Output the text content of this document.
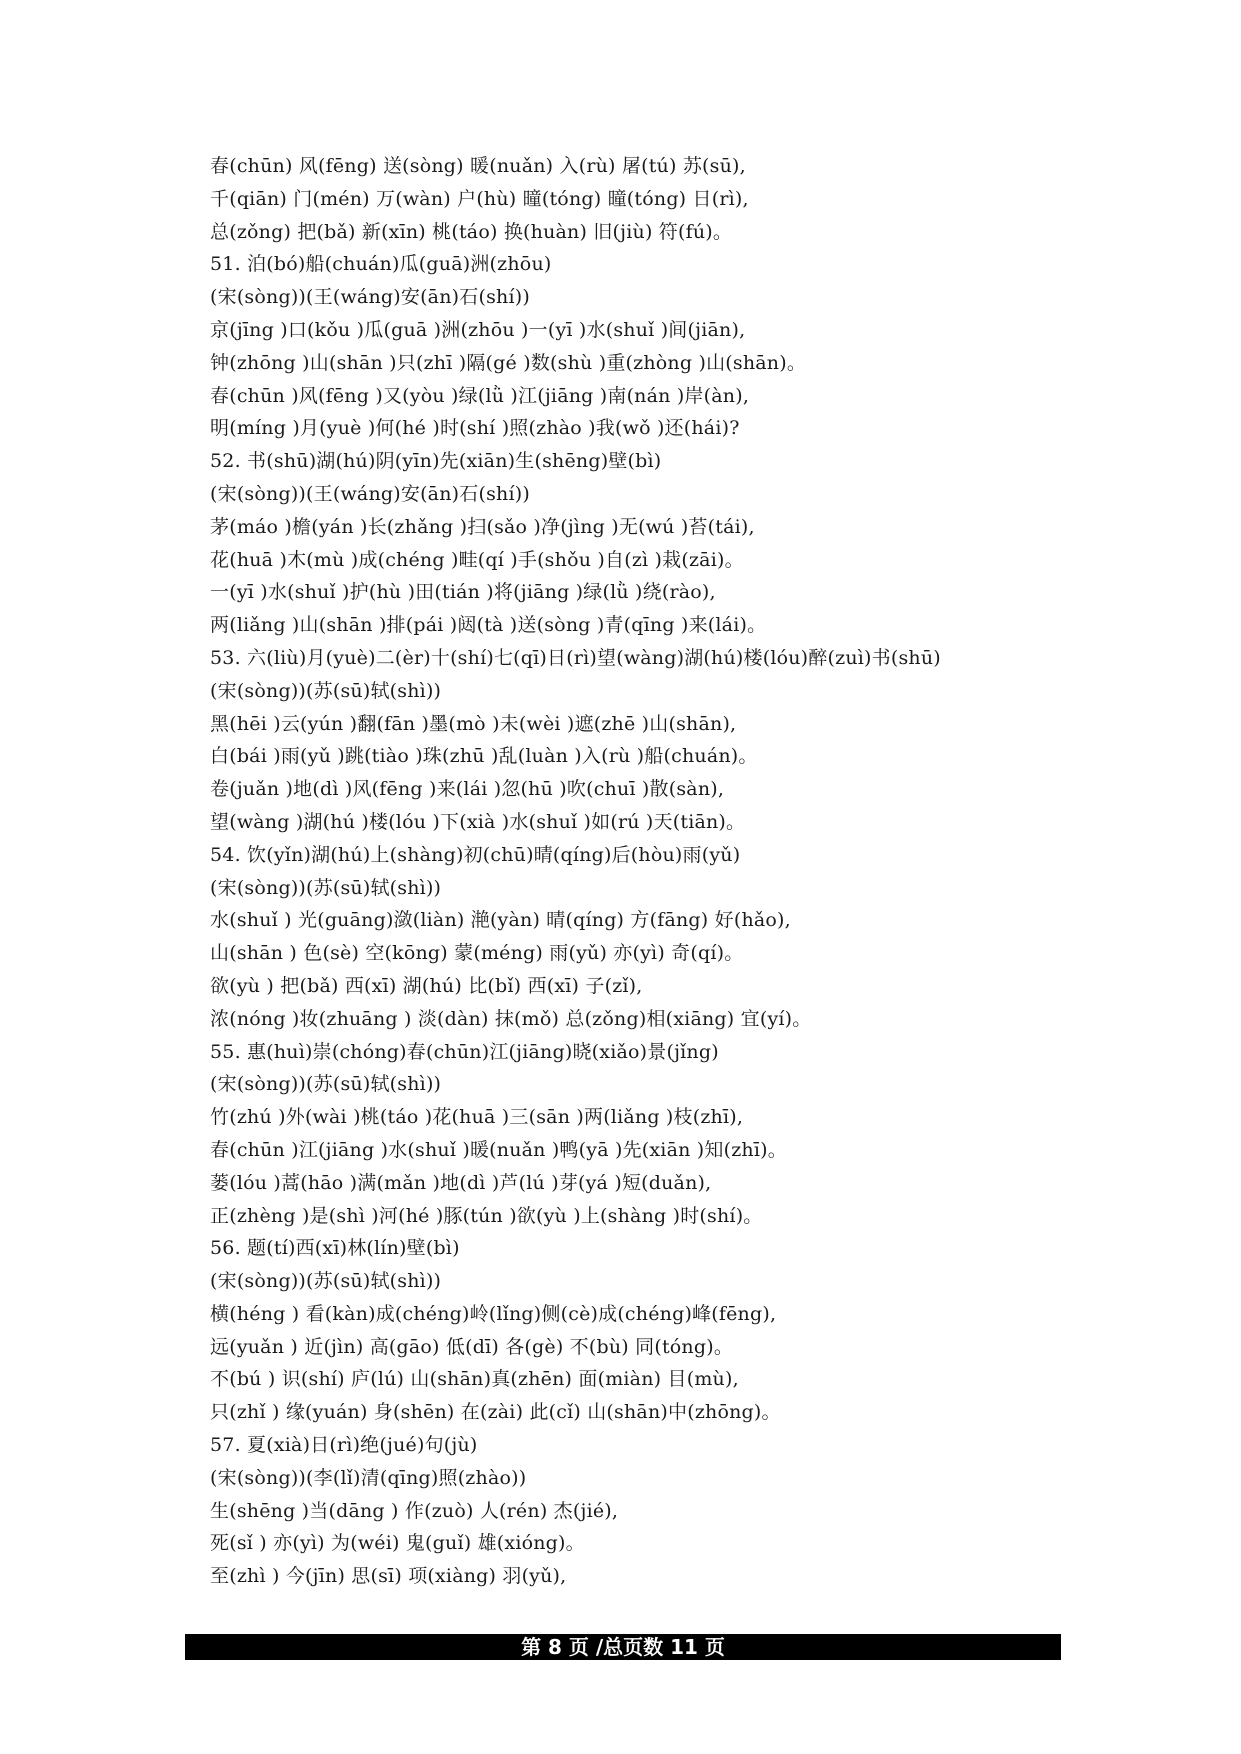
春(chūn) 风(fēng) 送(sòng) 暖(nuǎn) 入(rù) 屠(tú) 苏(sū),
千(qiān) 门(mén) 万(wàn) 户(hù) 曈(tóng) 曈(tóng) 日(rì),
总(zǒng) 把(bǎ) 新(xīn) 桃(táo) 换(huàn) 旧(jiù) 符(fú)。
51. 泊(bó)船(chuán)瓜(guā)洲(zhōu)
(宋(sòng))(王(wáng)安(ān)石(shí))
京(jīng )口(kǒu )瓜(guā )洲(zhōu )一(yī )水(shuǐ )间(jiān),
钟(zhōng )山(shān )只(zhī )隔(gé )数(shù )重(zhòng )山(shān)。
春(chūn )风(fēng )又(yòu )绿(lǜ )江(jiāng )南(nán )岸(àn),
明(míng )月(yuè )何(hé )时(shí )照(zhào )我(wǒ )还(hái)?
52. 书(shū)湖(hú)阴(yīn)先(xiān)生(shēng)壁(bì)
(宋(sòng))(王(wáng)安(ān)石(shí))
茅(máo )檐(yán )长(zhǎng )扫(sǎo )净(jìng )无(wú )苔(tái),
花(huā )木(mù )成(chéng )畦(qí )手(shǒu )自(zì )栽(zāi)。
一(yī )水(shuǐ )护(hù )田(tián )将(jiāng )绿(lǜ )绕(rào),
两(liǎng )山(shān )排(pái )闼(tà )送(sòng )青(qīng )来(lái)。
53. 六(liù)月(yuè)二(èr)十(shí)七(qī)日(rì)望(wàng)湖(hú)楼(lóu)醉(zuì)书(shū)
(宋(sòng))(苏(sū)轼(shì))
黑(hēi )云(yún )翻(fān )墨(mò )未(wèi )遮(zhē )山(shān),
白(bái )雨(yǔ )跳(tiào )珠(zhū )乱(luàn )入(rù )船(chuán)。
卷(juǎn )地(dì )风(fēng )来(lái )忽(hū )吹(chuī )散(sàn),
望(wàng )湖(hú )楼(lóu )下(xià )水(shuǐ )如(rú )天(tiān)。
54. 饮(yǐn)湖(hú)上(shàng)初(chū)晴(qíng)后(hòu)雨(yǔ)
(宋(sòng))(苏(sū)轼(shì))
水(shuǐ ) 光(guāng)潋(liàn) 滟(yàn) 晴(qíng) 方(fāng) 好(hǎo),
山(shān ) 色(sè) 空(kōng) 蒙(méng) 雨(yǔ) 亦(yì) 奇(qí)。
欲(yù ) 把(bǎ) 西(xī) 湖(hú) 比(bǐ) 西(xī) 子(zǐ),
浓(nóng )妆(zhuāng ) 淡(dàn) 抹(mǒ) 总(zǒng)相(xiāng) 宜(yí)。
55. 惠(huì)崇(chóng)春(chūn)江(jiāng)晓(xiǎo)景(jǐng)
(宋(sòng))(苏(sū)轼(shì))
竹(zhú )外(wài )桃(táo )花(huā )三(sān )两(liǎng )枝(zhī),
春(chūn )江(jiāng )水(shuǐ )暖(nuǎn )鸭(yā )先(xiān )知(zhī)。
蒌(lóu )蒿(hāo )满(mǎn )地(dì )芦(lú )芽(yá )短(duǎn),
正(zhèng )是(shì )河(hé )豚(tún )欲(yù )上(shàng )时(shí)。
56. 题(tí)西(xī)林(lín)壁(bì)
(宋(sòng))(苏(sū)轼(shì))
横(héng ) 看(kàn)成(chéng)岭(lǐng)侧(cè)成(chéng)峰(fēng),
远(yuǎn ) 近(jìn) 高(gāo) 低(dī) 各(gè) 不(bù) 同(tóng)。
不(bú ) 识(shí) 庐(lú) 山(shān)真(zhēn) 面(miàn) 目(mù),
只(zhǐ ) 缘(yuán) 身(shēn) 在(zài) 此(cǐ) 山(shān)中(zhōng)。
57. 夏(xià)日(rì)绝(jué)句(jù)
(宋(sòng))(李(lǐ)清(qīng)照(zhào))
生(shēng )当(dāng ) 作(zuò) 人(rén) 杰(jié),
死(sǐ ) 亦(yì) 为(wéi) 鬼(guǐ) 雄(xióng)。
至(zhì ) 今(jīn) 思(sī) 项(xiàng) 羽(yǔ),
第 8 页 /总页数 11 页
